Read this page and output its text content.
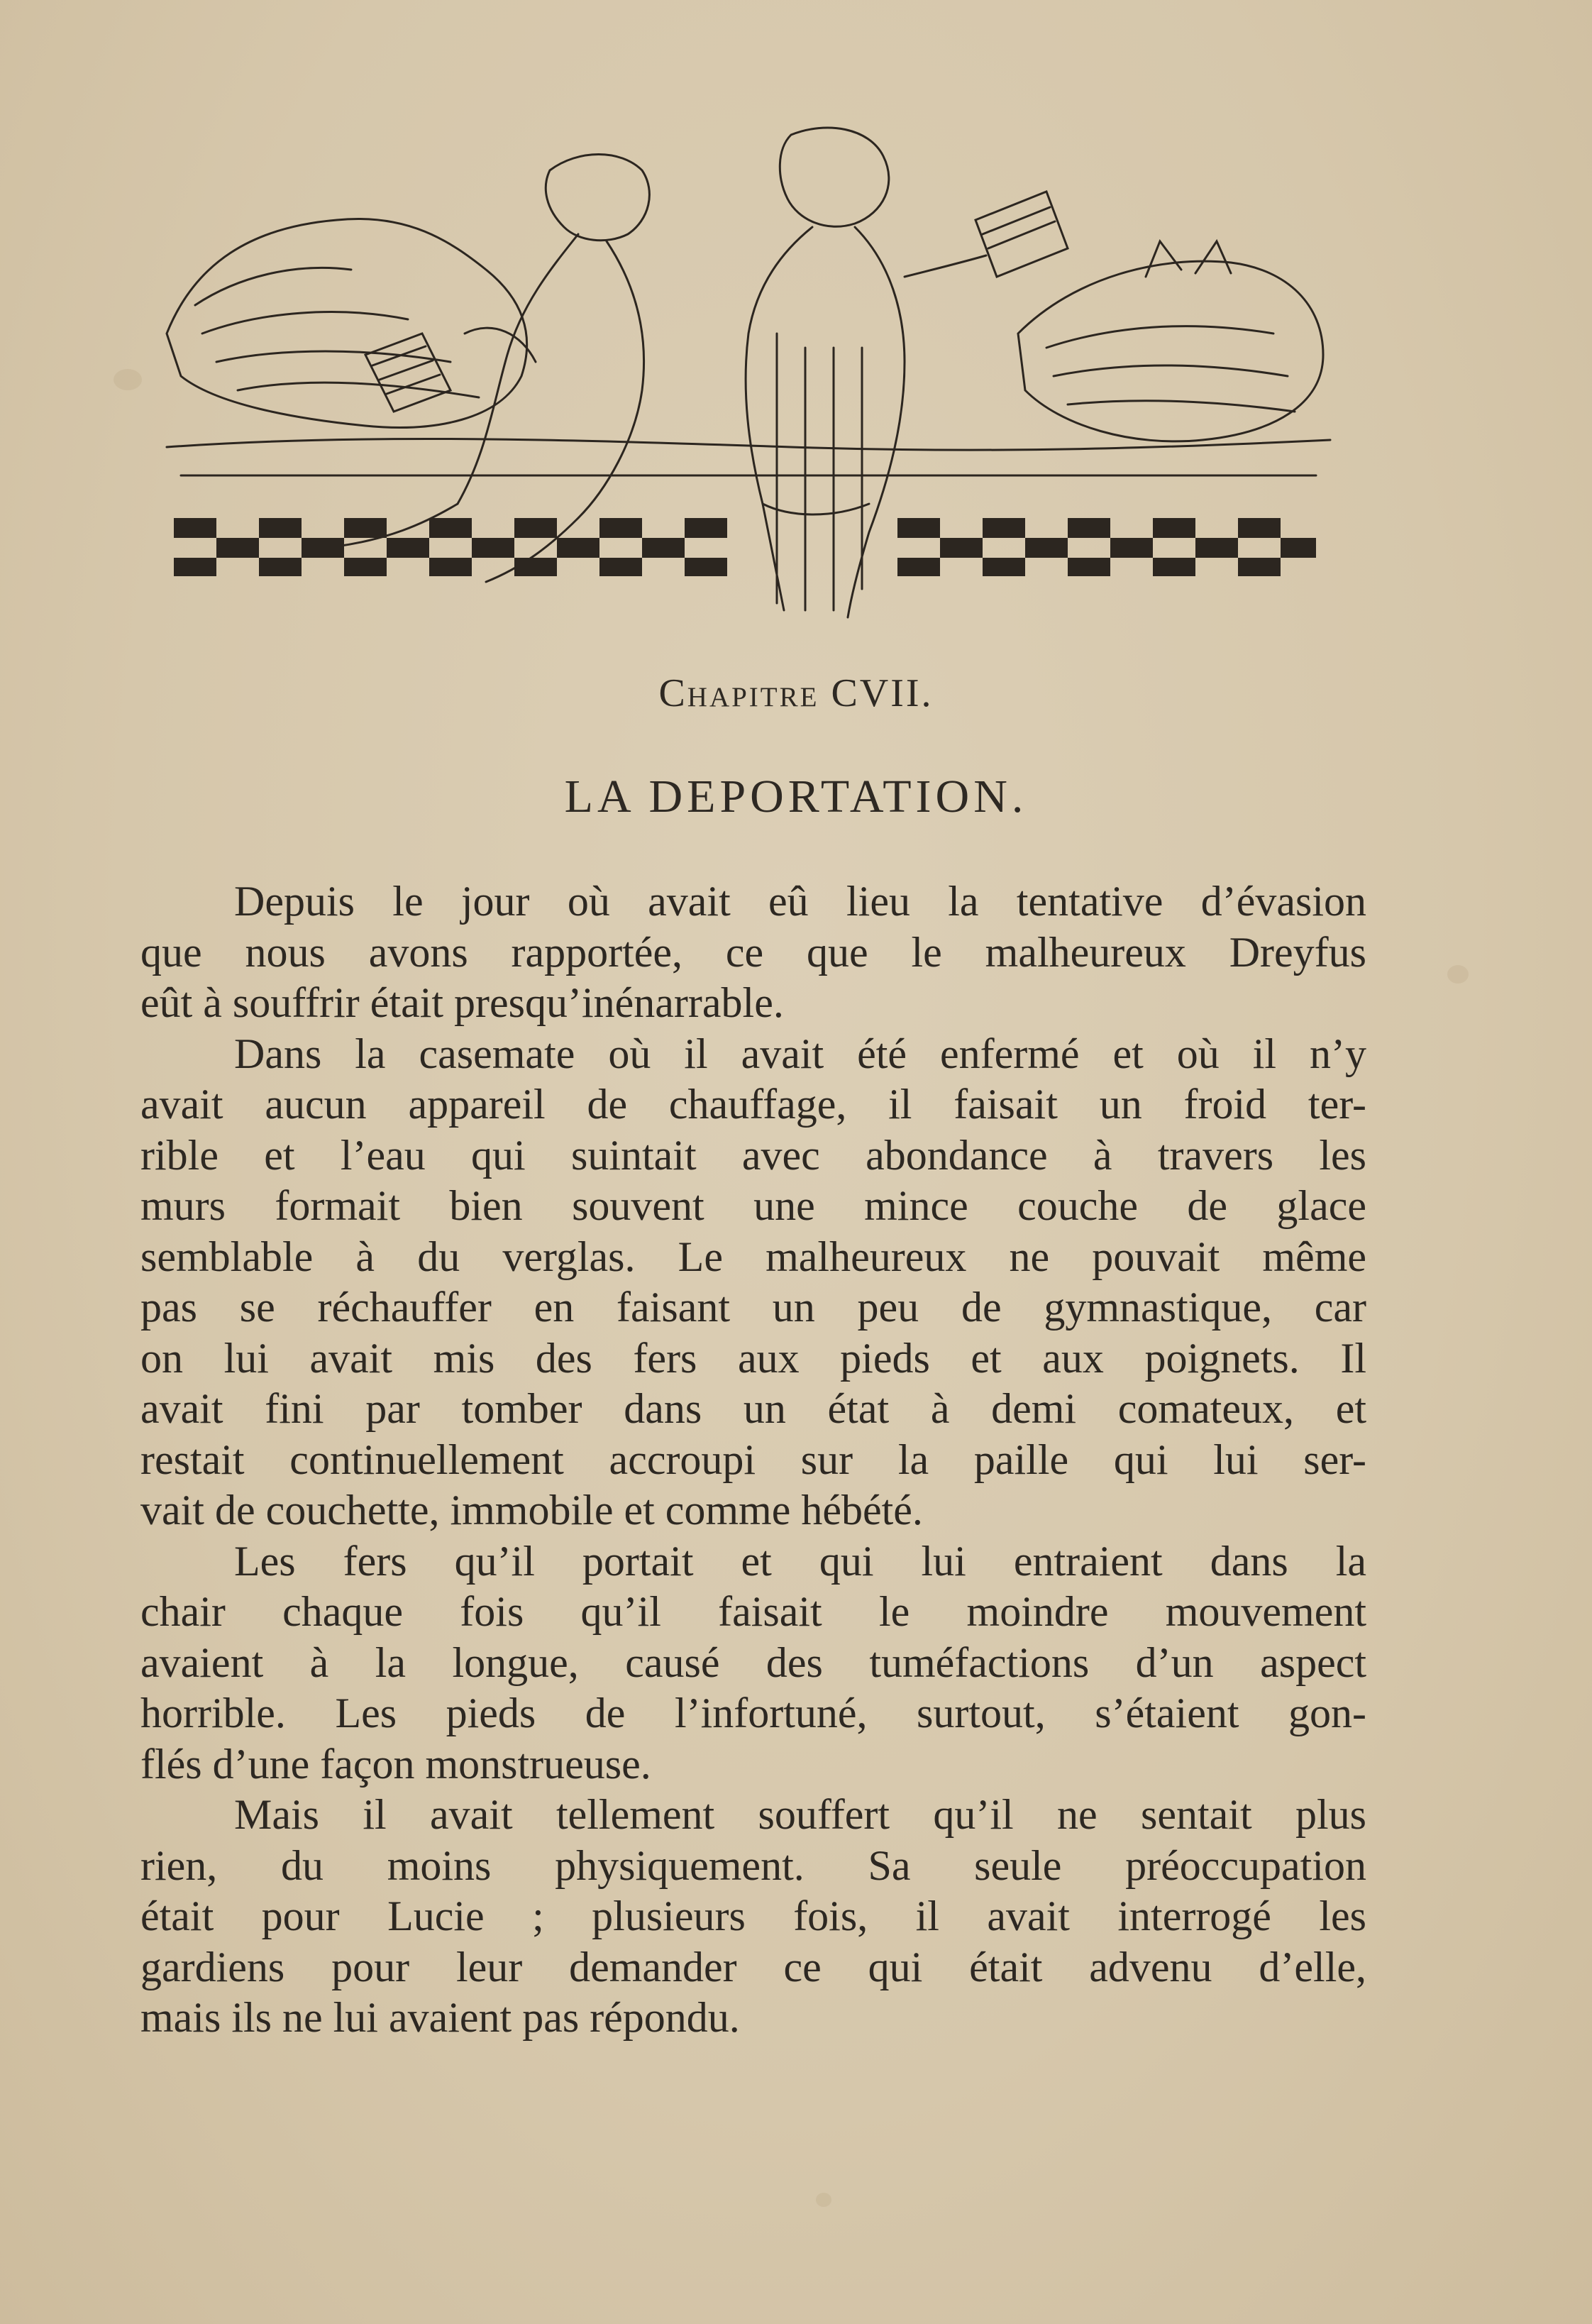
Chapitre CVII.
LA DEPORTATION.
Depuis le jour où avait eû lieu la tentative d’évasion
que nous avons rapportée, ce que le malheureux Dreyfus
eût à souffrir était presqu’inénarrable.
Dans la casemate où il avait été enfermé et où il n’y
avait aucun appareil de chauffage, il faisait un froid ter-
rible et l’eau qui suintait avec abondance à travers les
murs formait bien souvent une mince couche de glace
semblable à du verglas. Le malheureux ne pouvait même
pas se réchauffer en faisant un peu de gymnastique, car
on lui avait mis des fers aux pieds et aux poignets. Il
avait fini par tomber dans un état à demi comateux, et
restait continuellement accroupi sur la paille qui lui ser-
vait de couchette, immobile et comme hébété.
Les fers qu’il portait et qui lui entraient dans la
chair chaque fois qu’il faisait le moindre mouvement
avaient à la longue, causé des tuméfactions d’un aspect
horrible. Les pieds de l’infortuné, surtout, s’étaient gon-
flés d’une façon monstrueuse.
Mais il avait tellement souffert qu’il ne sentait plus
rien, du moins physiquement. Sa seule préoccupation
était pour Lucie ; plusieurs fois, il avait interrogé les
gardiens pour leur demander ce qui était advenu d’elle,
mais ils ne lui avaient pas répondu.
